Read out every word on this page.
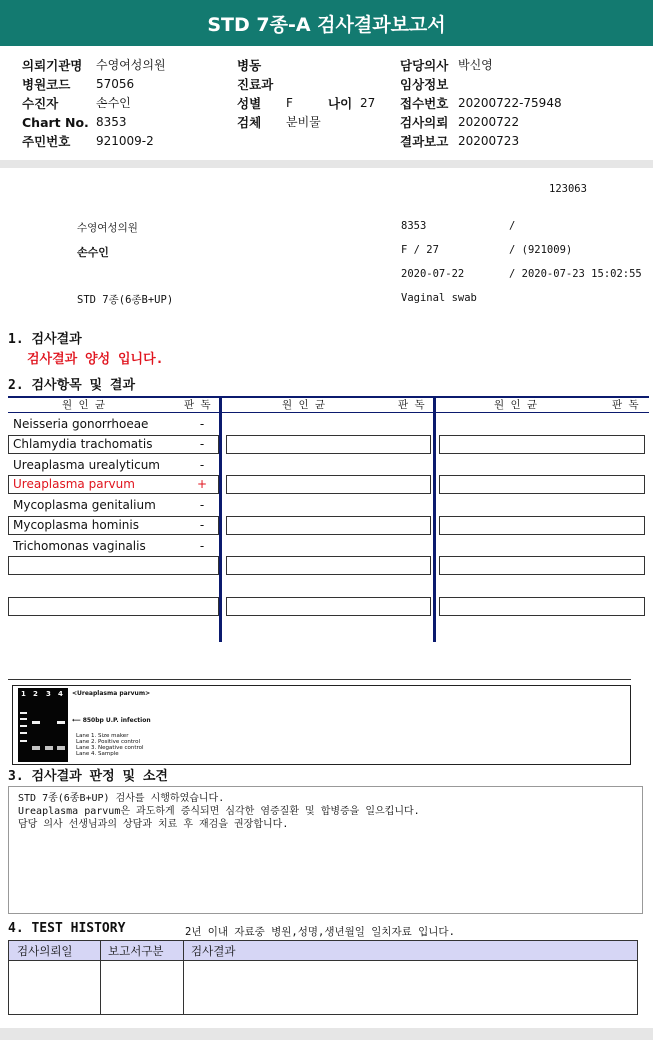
STD 7종-A 검사결과보고서
의뢰기관명 수영여성의원	병동	담당의사 박신영
병원코드 57056	진료과	임상정보
수진자	손수인	성별 F	나이 27 접수번호 20200722-75948
Chart No. 8353	검체 분비물	검사의뢰 20200722
주민번호 921009-2	결과보고 20200723
123063
수영여성의원	8353	/
손수인	F / 27	/ (921009)
2020-07-22	/ 2020-07-23 15:02:55
STD 7종(6종B+UP)	Vaginal swab
1. 검사결과
검사결과 양성 입니다.
2. 검사항목 및 결과
원 인 균	판 독	원 인 균	판 독	원 인 균	판 독
Neisseria gonorrhoeae	-
Chlamydia trachomatis	-
Ureaplasma urealyticum	-
Ureaplasma parvum	+
Mycoplasma genitalium	-
Mycoplasma hominis	-
Trichomonas vaginalis	-
1 2 3 4 <Ureaplasma parvum>
⟵ 850bp U.P. infection
Lane 1. Size maker
Lane 2. Positive control
Lane 3. Negative control
Lane 4. Sample
3. 검사결과 판정 및 소견
STD 7종(6종B+UP) 검사를 시행하였습니다.
Ureaplasma parvum은 과도하게 증식되면 심각한 염증질환 및 합병증을 일으킵니다.
담당 의사 선생님과의 상담과 치료 후 재검을 권장합니다.
4. TEST HISTORY	2년 이내 자료중 병원,성명,생년월일 일치자료 입니다.
검사의뢰일	보고서구분 검사결과
